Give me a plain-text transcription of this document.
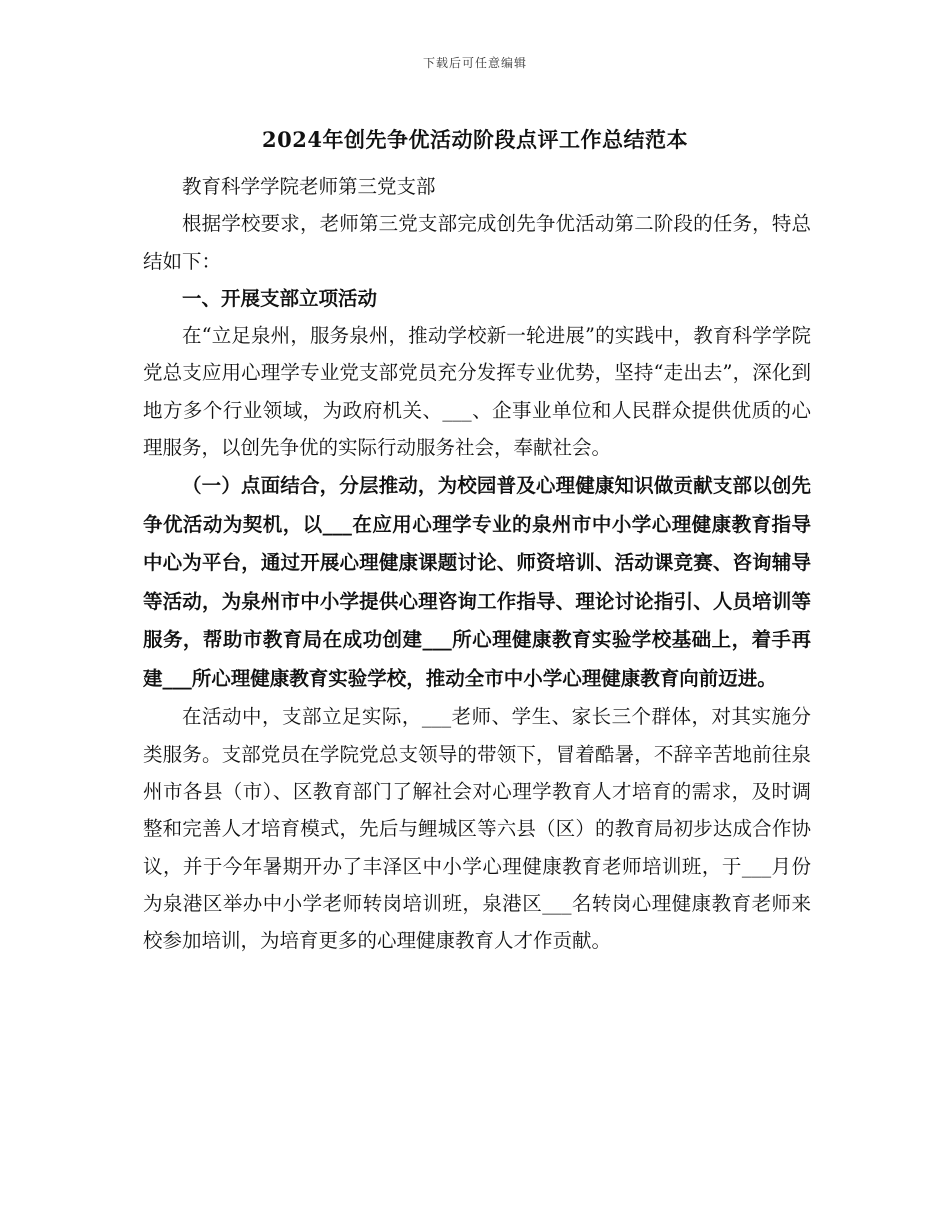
下载后可任意编辑
2024年创先争优活动阶段点评工作总结范本

教育科学学院老师第三党支部

根据学校要求，老师第三党支部完成创先争优活动第二阶段的任务，特总结如下：

一、开展支部立项活动

在“立足泉州，服务泉州，推动学校新一轮进展”的实践中，教育科学学院党总支应用心理学专业党支部党员充分发挥专业优势，坚持“走出去”，深化到地方多个行业领域，为政府机关、___、企事业单位和人民群众提供优质的心理服务，以创先争优的实际行动服务社会，奉献社会。

（一）点面结合，分层推动，为校园普及心理健康知识做贡献支部以创先争优活动为契机，以___在应用心理学专业的泉州市中小学心理健康教育指导中心为平台，通过开展心理健康课题讨论、师资培训、活动课竞赛、咨询辅导等活动，为泉州市中小学提供心理咨询工作指导、理论讨论指引、人员培训等服务，帮助市教育局在成功创建___所心理健康教育实验学校基础上，着手再建___所心理健康教育实验学校，推动全市中小学心理健康教育向前迈进。

在活动中，支部立足实际，___老师、学生、家长三个群体，对其实施分类服务。支部党员在学院党总支领导的带领下，冒着酷暑，不辞辛苦地前往泉州市各县（市）、区教育部门了解社会对心理学教育人才培育的需求，及时调整和完善人才培育模式，先后与鲤城区等六县（区）的教育局初步达成合作协议，并于今年暑期开办了丰泽区中小学心理健康教育老师培训班，于___月份为泉港区举办中小学老师转岗培训班，泉港区___名转岗心理健康教育老师来校参加培训，为培育更多的心理健康教育人才作贡献。
